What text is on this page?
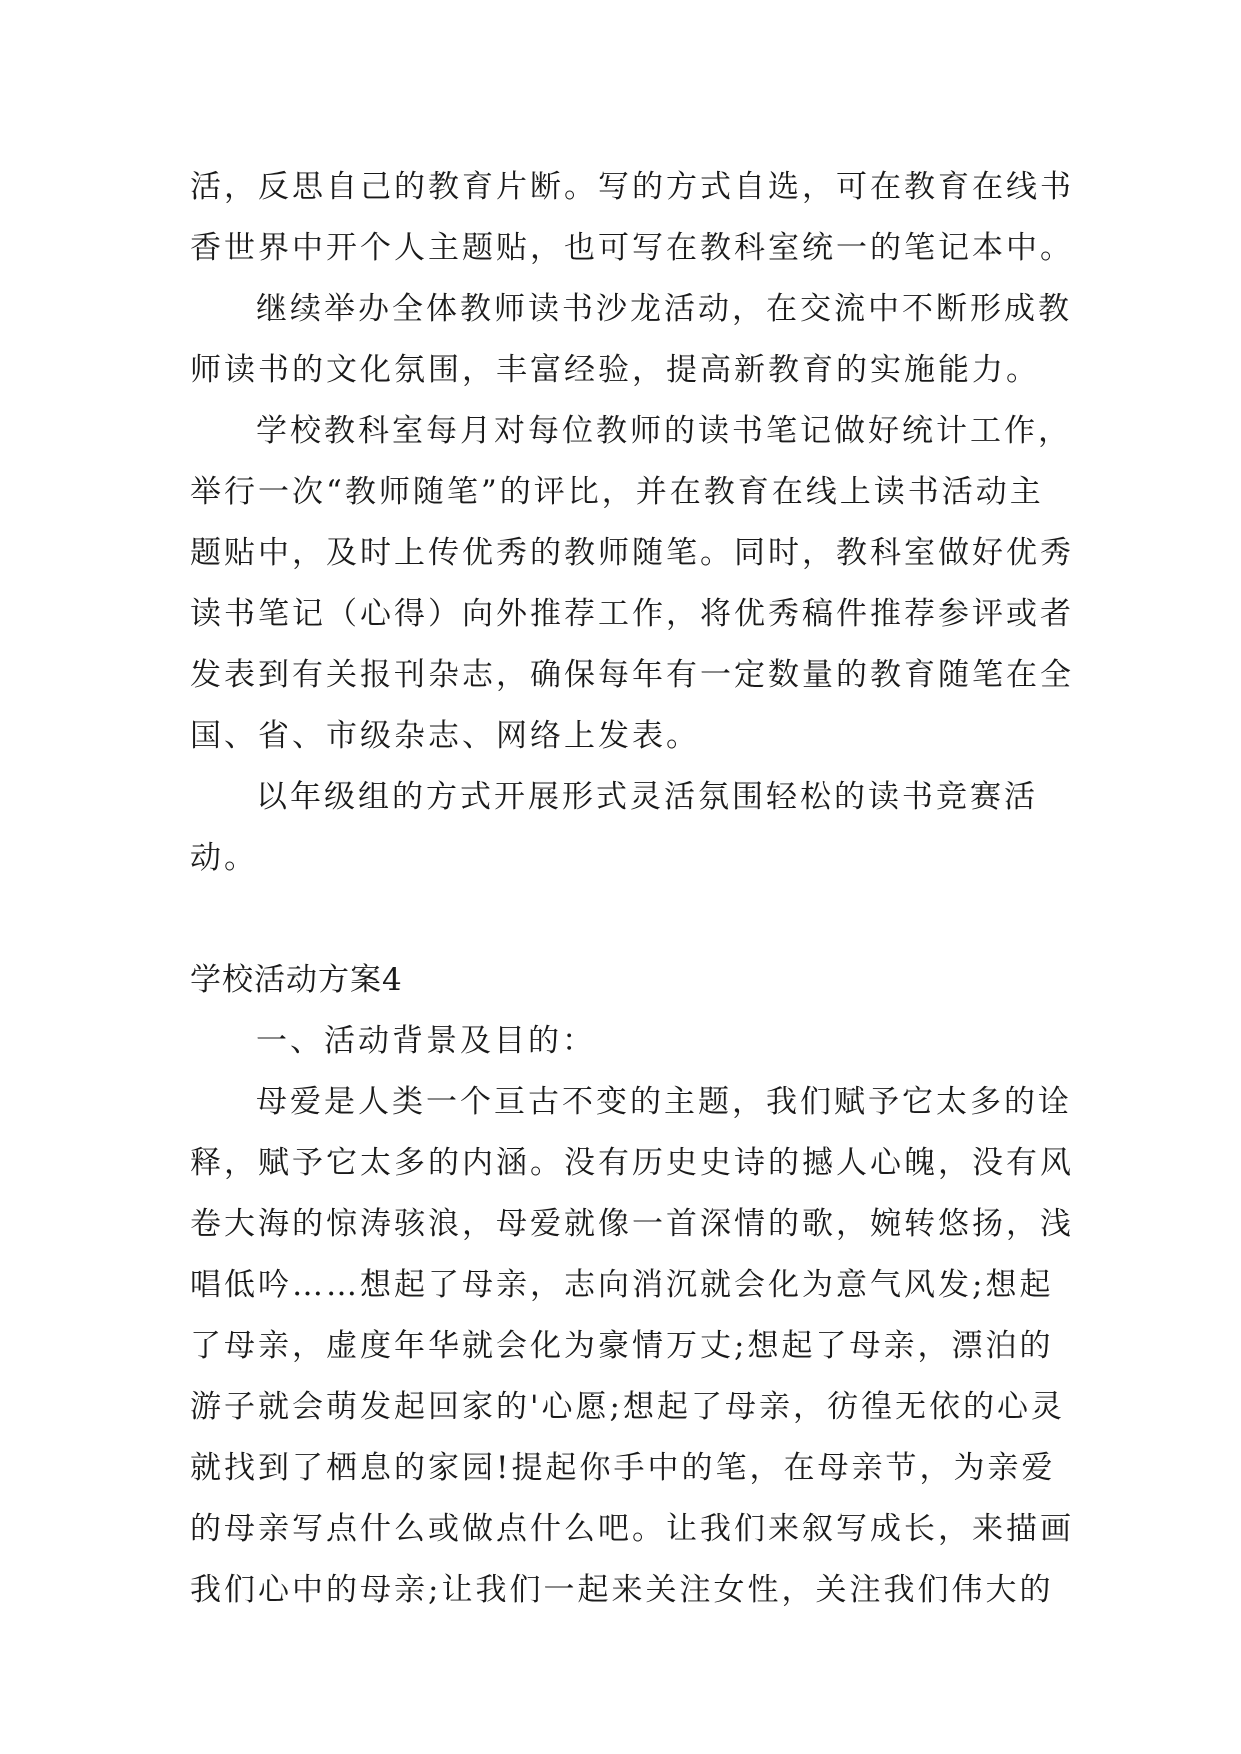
活，反思自己的教育片断。写的方式自选，可在教育在线书
香世界中开个人主题贴，也可写在教科室统一的笔记本中。
继续举办全体教师读书沙龙活动，在交流中不断形成教
师读书的文化氛围，丰富经验，提高新教育的实施能力。
学校教科室每月对每位教师的读书笔记做好统计工作，
举行一次“教师随笔”的评比，并在教育在线上读书活动主
题贴中，及时上传优秀的教师随笔。同时，教科室做好优秀
读书笔记（心得）向外推荐工作，将优秀稿件推荐参评或者
发表到有关报刊杂志，确保每年有一定数量的教育随笔在全
国、省、市级杂志、网络上发表。
以年级组的方式开展形式灵活氛围轻松的读书竞赛活
动。
学校活动方案4
一、活动背景及目的：
母爱是人类一个亘古不变的主题，我们赋予它太多的诠
释，赋予它太多的内涵。没有历史史诗的撼人心魄，没有风
卷大海的惊涛骇浪，母爱就像一首深情的歌，婉转悠扬，浅
唱低吟……想起了母亲，志向消沉就会化为意气风发;想起
了母亲，虚度年华就会化为豪情万丈;想起了母亲，漂泊的
游子就会萌发起回家的'心愿;想起了母亲，彷徨无依的心灵
就找到了栖息的家园!提起你手中的笔，在母亲节，为亲爱
的母亲写点什么或做点什么吧。让我们来叙写成长，来描画
我们心中的母亲;让我们一起来关注女性，关注我们伟大的
